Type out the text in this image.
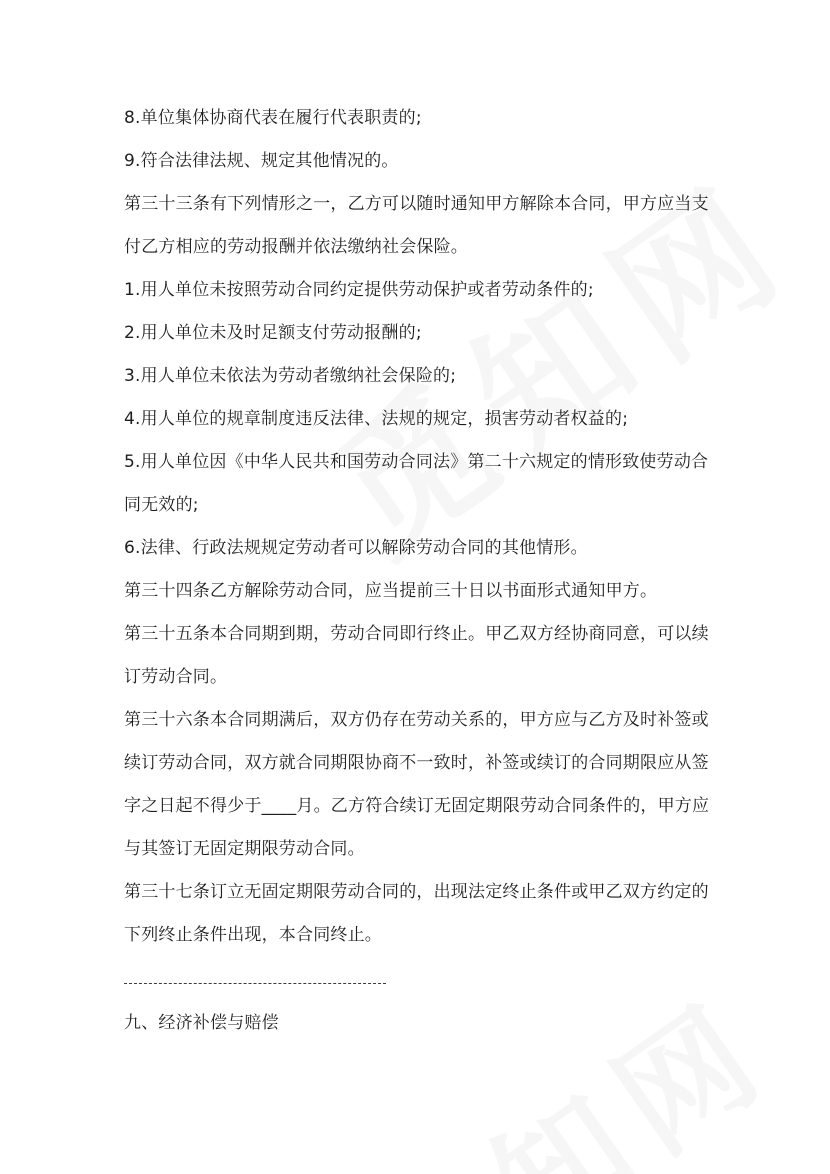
8.单位集体协商代表在履行代表职责的;

9.符合法律法规、规定其他情况的。

第三十三条有下列情形之一，乙方可以随时通知甲方解除本合同，甲方应当支付乙方相应的劳动报酬并依法缴纳社会保险。

1.用人单位未按照劳动合同约定提供劳动保护或者劳动条件的;

2.用人单位未及时足额支付劳动报酬的;

3.用人单位未依法为劳动者缴纳社会保险的;

4.用人单位的规章制度违反法律、法规的规定，损害劳动者权益的;

5.用人单位因《中华人民共和国劳动合同法》第二十六规定的情形致使劳动合同无效的;

6.法律、行政法规规定劳动者可以解除劳动合同的其他情形。

第三十四条乙方解除劳动合同，应当提前三十日以书面形式通知甲方。

第三十五条本合同期到期，劳动合同即行终止。甲乙双方经协商同意，可以续订劳动合同。

第三十六条本合同期满后，双方仍存在劳动关系的，甲方应与乙方及时补签或续订劳动合同，双方就合同期限协商不一致时，补签或续订的合同期限应从签字之日起不得少于____月。乙方符合续订无固定期限劳动合同条件的，甲方应与其签订无固定期限劳动合同。

第三十七条订立无固定期限劳动合同的，出现法定终止条件或甲乙双方约定的下列终止条件出现，本合同终止。

九、经济补偿与赔偿
